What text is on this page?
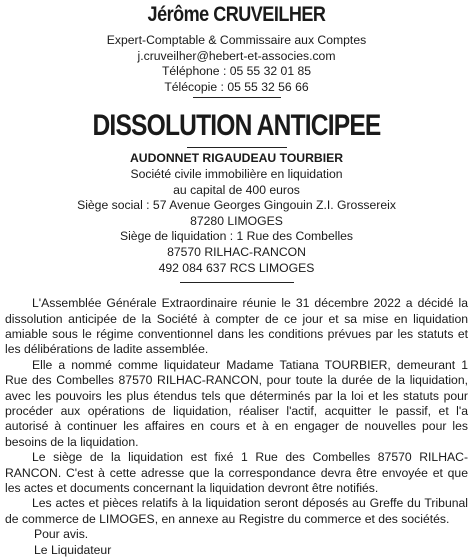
Jérôme CRUVEILHER
Expert-Comptable & Commissaire aux Comptes
j.cruveilher@hebert-et-associes.com
Téléphone : 05 55 32 01 85
Télécopie : 05 55 32 56 66
DISSOLUTION ANTICIPEE
AUDONNET RIGAUDEAU TOURBIER
Société civile immobilière en liquidation
au capital de 400 euros
Siège social : 57 Avenue Georges Gingouin Z.I. Grossereix
87280 LIMOGES
Siège de liquidation : 1 Rue des Combelles
87570 RILHAC-RANCON
492 084 637 RCS LIMOGES

L'Assemblée Générale Extraordinaire réunie le 31 décembre 2022 a décidé la dissolution anticipée de la Société à compter de ce jour et sa mise en liquidation amiable sous le régime conventionnel dans les conditions prévues par les statuts et les délibérations de ladite assemblée.

Elle a nommé comme liquidateur Madame Tatiana TOURBIER, demeurant 1 Rue des Combelles 87570 RILHAC-RANCON, pour toute la durée de la liquidation, avec les pouvoirs les plus étendus tels que déterminés par la loi et les statuts pour procéder aux opérations de liquidation, réaliser l'actif, acquitter le passif, et l'a autorisé à continuer les affaires en cours et à en engager de nouvelles pour les besoins de la liquidation.

Le siège de la liquidation est fixé 1 Rue des Combelles 87570 RILHAC-RANCON. C'est à cette adresse que la correspondance devra être envoyée et que les actes et documents concernant la liquidation devront être notifiés.

Les actes et pièces relatifs à la liquidation seront déposés au Greffe du Tribunal de commerce de LIMOGES, en annexe au Registre du commerce et des sociétés.

Pour avis.
Le Liquidateur
